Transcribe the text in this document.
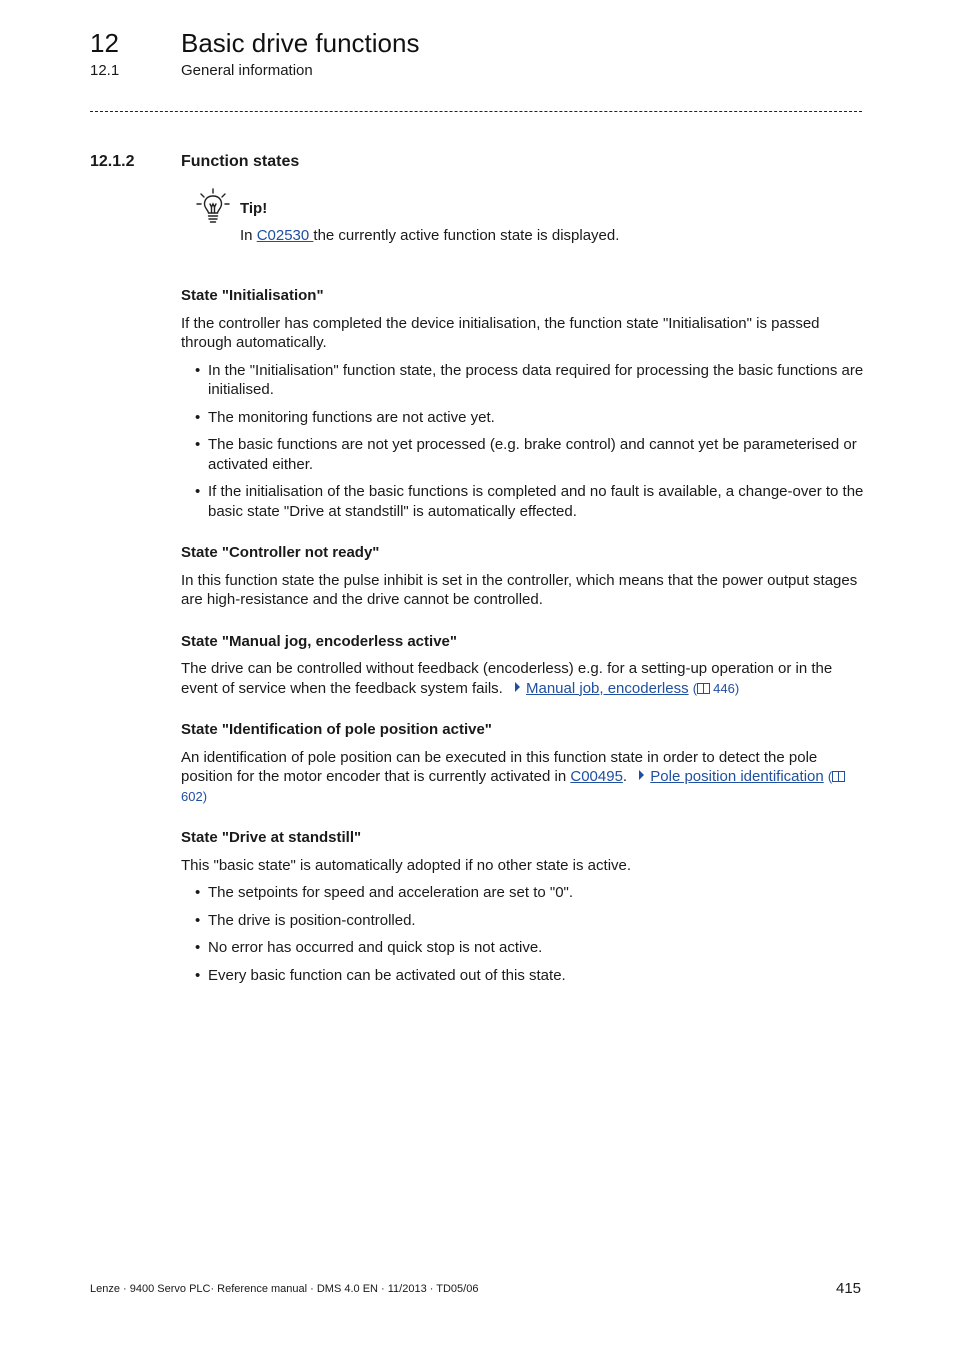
12 Basic drive functions
12.1	General information
12.1.2	Function states
Tip!
In C02530 the currently active function state is displayed.
State "Initialisation"

If the controller has completed the device initialisation, the function state "Initialisation" is passed through automatically.

• In the "Initialisation" function state, the process data required for processing the basic functions are initialised.
• The monitoring functions are not active yet.
• The basic functions are not yet processed (e.g. brake control) and cannot yet be parameterised or activated either.
• If the initialisation of the basic functions is completed and no fault is available, a change-over to the basic state "Drive at standstill" is automatically effected.
State "Controller not ready"

In this function state the pulse inhibit is set in the controller, which means that the power output stages are high-resistance and the drive cannot be controlled.

State "Manual jog, encoderless active"

The drive can be controlled without feedback (encoderless) e.g. for a setting-up operation or in the event of service when the feedback system fails. Manual job, encoderless ( 446)

State "Identification of pole position active"

An identification of pole position can be executed in this function state in order to detect the pole position for the motor encoder that is currently activated in C00495. Pole position identification (602)

State "Drive at standstill"

This "basic state" is automatically adopted if no other state is active.

• The setpoints for speed and acceleration are set to "0".
• The drive is position-controlled.
• No error has occurred and quick stop is not active.
• Every basic function can be activated out of this state.
Lenze · 9400 Servo PLC· Reference manual · DMS 4.0 EN · 11/2013 · TD05/06	415
